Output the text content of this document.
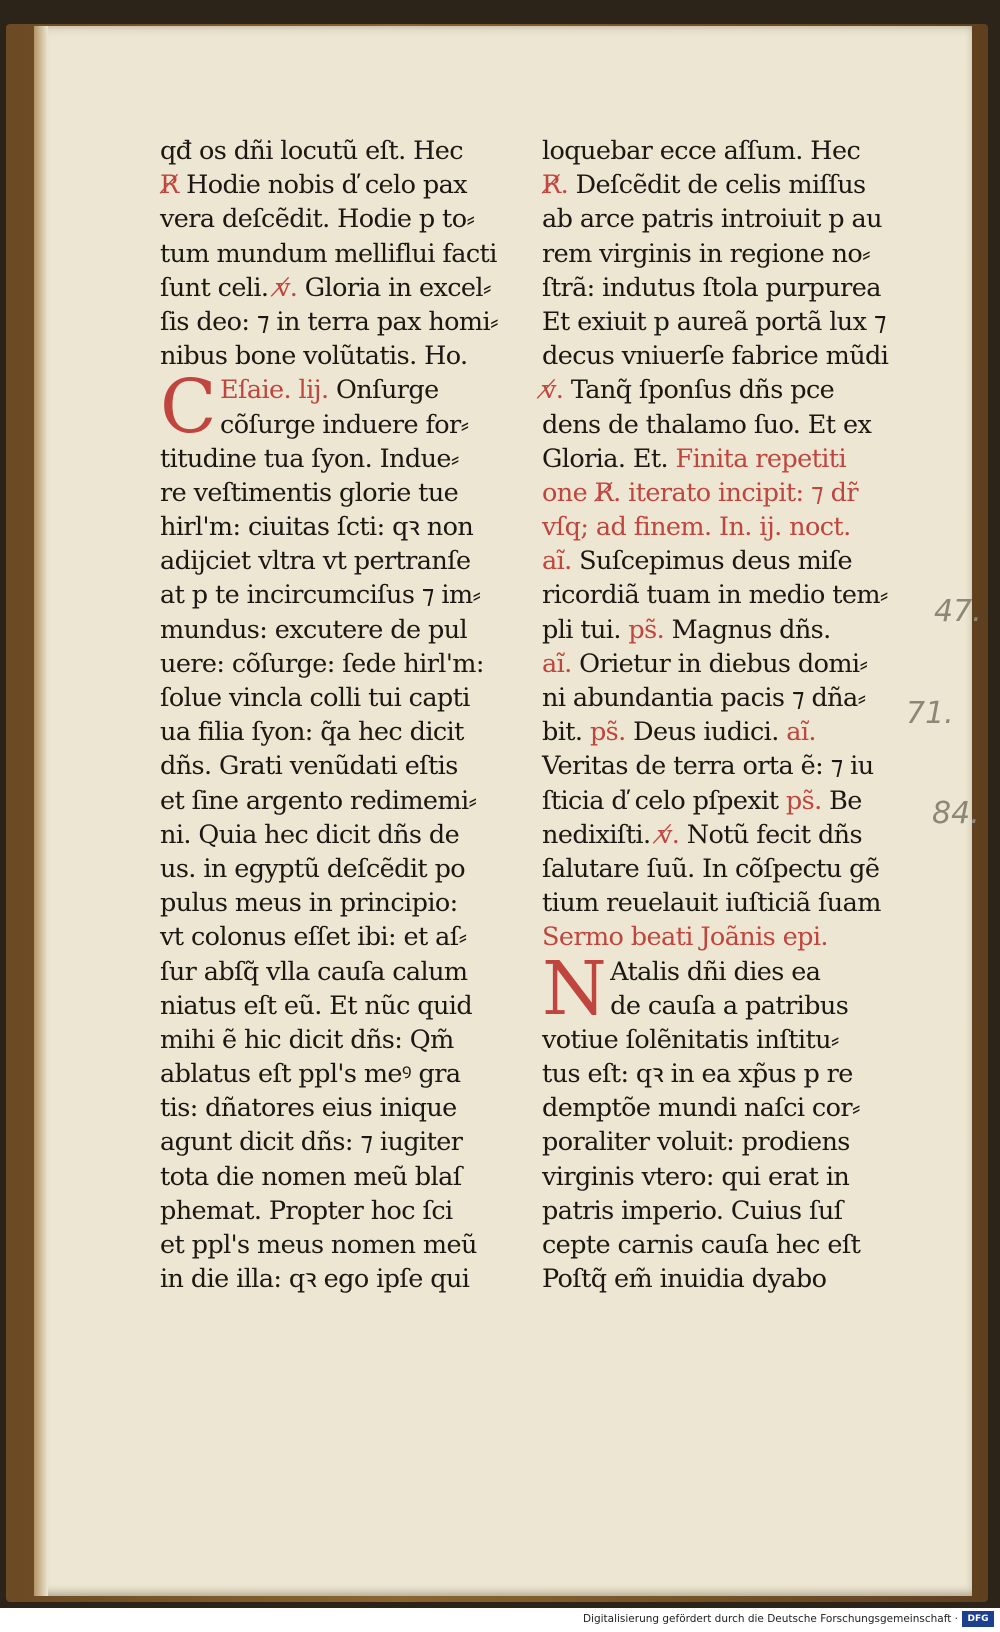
qđ os dñi locutũ eſt. Hec
R̸ Hodie nobis ď celo pax
vera deſcẽdit. Hodie p to⸗
tum mundum melliflui facti
ſunt celi. v̸. Gloria in excel⸗
ſis deo: ⁊ in terra pax homi⸗
nibus bone volũtatis. Ho.
C Eſaie. lij. Onſurge
cõſurge induere for⸗
titudine tua ſyon. Indue⸗
re veſtimentis glorie tue
hirl'm: ciuitas ſcti: qꝛ non
adijciet vltra vt pertranſe
at p te incircumciſus ⁊ im⸗
mundus: excutere de pul
uere: cõſurge: ſede hirl'm:
ſolue vincla colli tui capti
ua filia ſyon: q̃a hec dicit
dñs. Grati venũdati eſtis
et ſine argento redimemi⸗
ni. Quia hec dicit dñs de
us. in egyptũ deſcẽdit po
pulus meus in principio:
vt colonus eſſet ibi: et aſ⸗
ſur abſq̃ vlla cauſa calum
niatus eſt eũ. Et nũc quid
mihi ẽ hic dicit dñs: Qm̃
ablatus eſt ppl's meꝰ gra
tis: dñatores eius inique
agunt dicit dñs: ⁊ iugiter
tota die nomen meũ blaſ
phemat. Propter hoc ſci
et ppl's meus nomen meũ
in die illa: qꝛ ego ipſe qui
loquebar ecce aſſum. Hec
R̸. Deſcẽdit de celis miſſus
ab arce patris introiuit p au
rem virginis in regione no⸗
ſtrã: indutus ſtola purpurea
Et exiuit p aureã portã lux ⁊
decus vniuerſe fabrice mũdi
v̸. Tanq̃ ſponſus dñs pce
dens de thalamo ſuo. Et ex
Gloria. Et. Finita repetiti
one R̸. iterato incipit: ⁊ dr̃
vſq; ad finem. In. ij. noct.
aĩ. Suſcepimus deus miſe
ricordiã tuam in medio tem⸗
pli tui. ps̃. Magnus dñs.
aĩ. Orietur in diebus domi⸗
ni abundantia pacis ⁊ dña⸗
bit. ps̃. Deus iudici. aĩ.
Veritas de terra orta ẽ: ⁊ iu
ſticia ď celo pſpexit ps̃. Be
nedixiſti. v̸. Notũ fecit dñs
ſalutare ſuũ. In cõſpectu gẽ
tium reuelauit iuſticiã ſuam
Sermo beati Joãnis epi.
N Atalis dñi dies ea
de cauſa a patribus
votiue ſolẽnitatis inſtitu⸗
tus eſt: qꝛ in ea xp̃us p re
demptõe mundi naſci cor⸗
poraliter voluit: prodiens
virginis vtero: qui erat in
patris imperio. Cuius ſuſ
cepte carnis cauſa hec eſt
Poſtq̃ em̃ inuidia dyabo
47.
71.
84.
Digitalisierung gefördert durch die Deutsche Forschungsgemeinschaft ·	DFG
